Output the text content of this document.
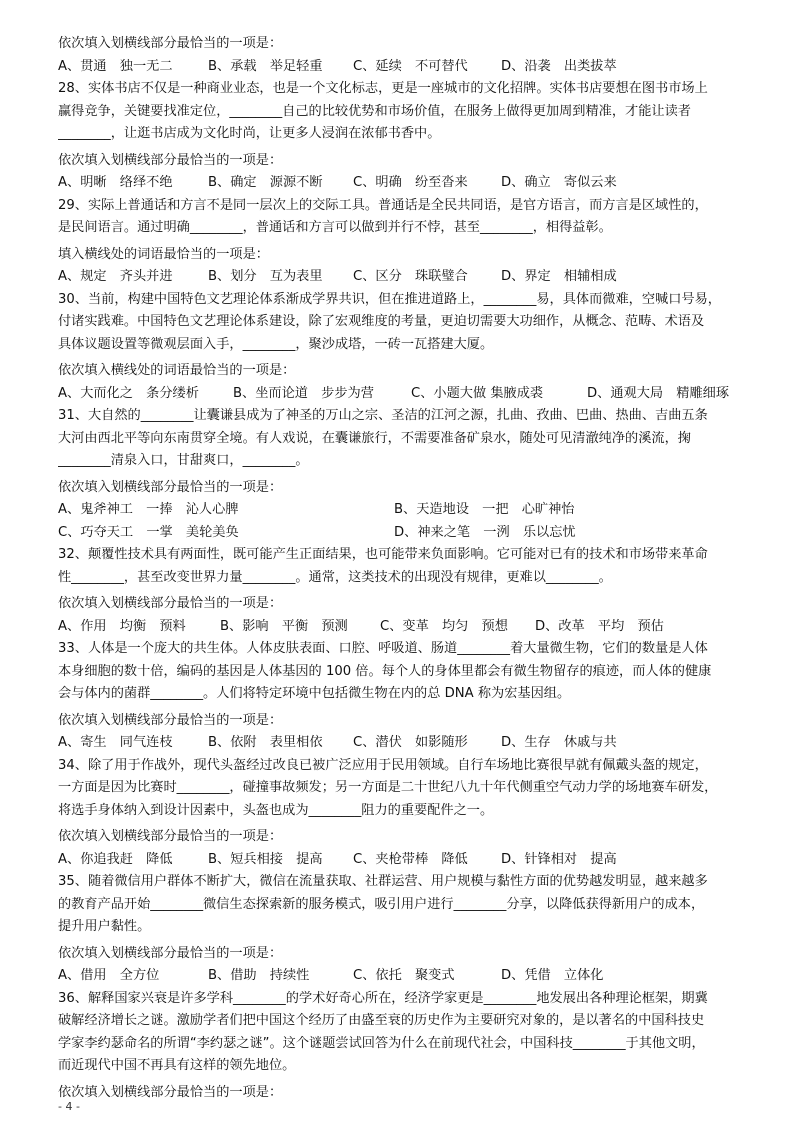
依次填入划横线部分最恰当的一项是：
A、贯通　独一无二	B、承载　举足轻重 C、延续　不可替代	D、沿袭　出类拔萃
28、实体书店不仅是一种商业业态，也是一个文化标志，更是一座城市的文化招牌。实体书店要想在图书市场上
赢得竞争，关键要找准定位，________自己的比较优势和市场价值，在服务上做得更加周到精准，才能让读者
________，让逛书店成为文化时尚，让更多人浸润在浓郁书香中。
依次填入划横线部分最恰当的一项是：
A、明晰　络绎不绝	B、确定　源源不断 C、明确　纷至沓来	D、确立　寄似云来
29、实际上普通话和方言不是同一层次上的交际工具。普通话是全民共同语，是官方语言，而方言是区域性的，
是民间语言。通过明确________，普通话和方言可以做到并行不悖，甚至________，相得益彰。
填入横线处的词语最恰当的一项是：
A、规定　齐头并进	B、划分　互为表里 C、区分　珠联璧合	D、界定　相辅相成
30、当前，构建中国特色文艺理论体系渐成学界共识，但在推进道路上，________易，具体而微难，空喊口号易，
付诸实践难。中国特色文艺理论体系建设，除了宏观维度的考量，更迫切需要大功细作，从概念、范畴、术语及
具体议题设置等微观层面入手，________，聚沙成塔，一砖一瓦搭建大厦。
依次填入横线处的词语最恰当的一项是：
A、大而化之　条分缕析	B、坐而论道　步步为营	C、小题大做 集腋成裘	D、通观大局　精雕细琢
31、大自然的________让囊谦县成为了神圣的万山之宗、圣洁的江河之源，扎曲、孜曲、巴曲、热曲、吉曲五条
大河由西北平等向东南贯穿全境。有人戏说，在囊谦旅行，不需要准备矿泉水，随处可见清澈纯净的溪流，掬
________清泉入口，甘甜爽口，________。
依次填入划横线部分最恰当的一项是：
A、鬼斧神工　一捧　沁人心脾	B、天造地设　一把　心旷神怡
C、巧夺天工　一掌　美轮美奂	D、神来之笔　一洌　乐以忘忧
32、颠覆性技术具有两面性，既可能产生正面结果，也可能带来负面影响。它可能对已有的技术和市场带来革命
性________，甚至改变世界力量________。通常，这类技术的出现没有规律，更难以________。
依次填入划横线部分最恰当的一项是：
A、作用　均衡　预料	B、影响　平衡　预测 C、变革　均匀　预想 D、改革　平均　预估
33、人体是一个庞大的共生体。人体皮肤表面、口腔、呼吸道、肠道________着大量微生物，它们的数量是人体
本身细胞的数十倍，编码的基因是人体基因的 100 倍。每个人的身体里都会有微生物留存的痕迹，而人体的健康
会与体内的菌群________。人们将特定环境中包括微生物在内的总 DNA 称为宏基因组。
依次填入划横线部分最恰当的一项是：
A、寄生　同气连枝	B、依附　表里相依 C、潜伏　如影随形	D、生存　休戚与共
34、除了用于作战外，现代头盔经过改良已被广泛应用于民用领域。自行车场地比赛很早就有佩戴头盔的规定，
一方面是因为比赛时________，碰撞事故频发；另一方面是二十世纪八九十年代侧重空气动力学的场地赛车研发，
将选手身体纳入到设计因素中，头盔也成为________阻力的重要配件之一。
依次填入划横线部分最恰当的一项是：
A、你追我赶　降低	B、短兵相接　提高 C、夹枪带棒　降低	D、针锋相对　提高
35、随着微信用户群体不断扩大，微信在流量获取、社群运营、用户规模与黏性方面的优势越发明显，越来越多
的教育产品开始________微信生态探索新的服务模式，吸引用户进行________分享，以降低获得新用户的成本，
提升用户黏性。
依次填入划横线部分最恰当的一项是：
A、借用　全方位	B、借助　持续性	C、依托　聚变式	D、凭借　立体化
36、解释国家兴衰是许多学科________的学术好奇心所在，经济学家更是________地发展出各种理论框架，期冀
破解经济增长之谜。激励学者们把中国这个经历了由盛至衰的历史作为主要研究对象的，是以著名的中国科技史
学家李约瑟命名的所谓“李约瑟之谜”。这个谜题尝试回答为什么在前现代社会，中国科技________于其他文明，
而近现代中国不再具有这样的领先地位。
依次填入划横线部分最恰当的一项是：
- 4 -
